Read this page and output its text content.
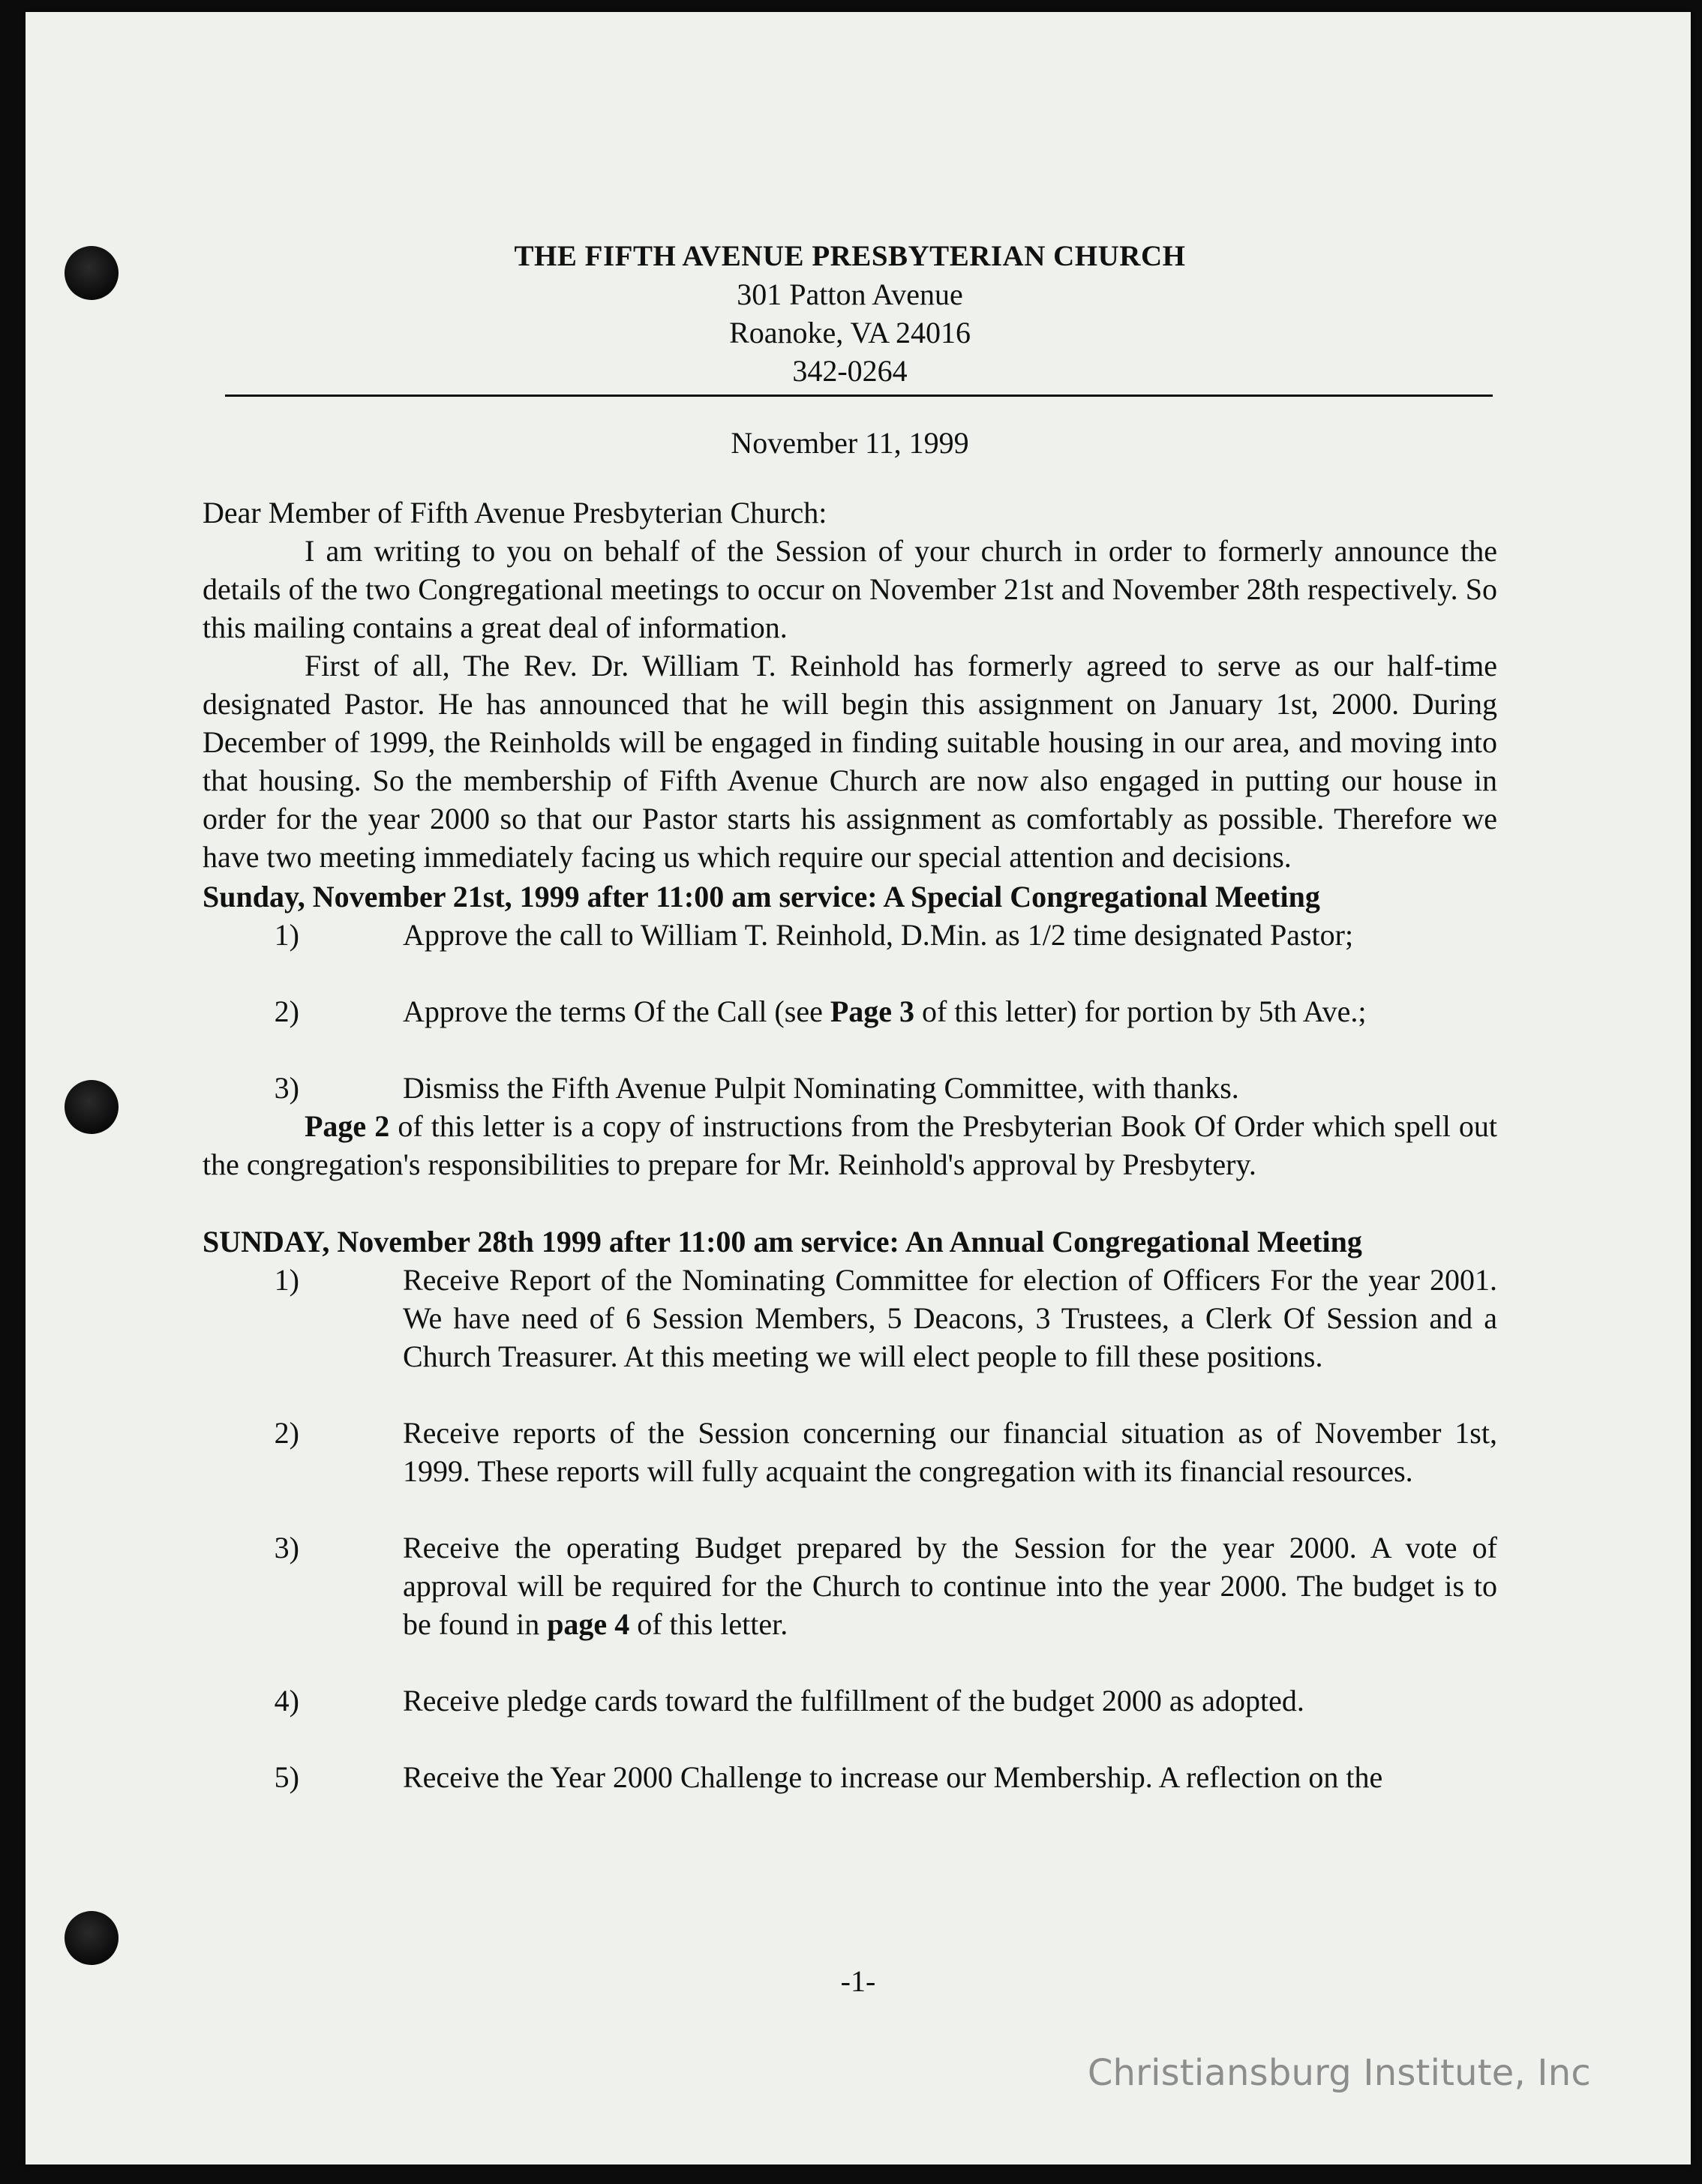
THE FIFTH AVENUE PRESBYTERIAN CHURCH
301 Patton Avenue
Roanoke, VA 24016
342-0264
November 11, 1999
Dear Member of Fifth Avenue Presbyterian Church:

I am writing to you on behalf of the Session of your church in order to formerly announce the details of the two Congregational meetings to occur on November 21st and November 28th respectively. So this mailing contains a great deal of information.

First of all, The Rev. Dr. William T. Reinhold has formerly agreed to serve as our half-time designated Pastor. He has announced that he will begin this assignment on January 1st, 2000. During December of 1999, the Reinholds will be engaged in finding suitable housing in our area, and moving into that housing. So the membership of Fifth Avenue Church are now also engaged in putting our house in order for the year 2000 so that our Pastor starts his assignment as comfortably as possible. Therefore we have two meeting immediately facing us which require our special attention and decisions.

Sunday, November 21st, 1999 after 11:00 am service: A Special Congregational Meeting
1)	Approve the call to William T. Reinhold, D.Min. as 1/2 time designated Pastor;
2)	Approve the terms Of the Call (see Page 3 of this letter) for portion by 5th Ave.;
3)	Dismiss the Fifth Avenue Pulpit Nominating Committee, with thanks.

Page 2 of this letter is a copy of instructions from the Presbyterian Book Of Order which spell out the congregation's responsibilities to prepare for Mr. Reinhold's approval by Presbytery.

SUNDAY, November 28th 1999 after 11:00 am service: An Annual Congregational Meeting
1)	Receive Report of the Nominating Committee for election of Officers For the year 2001. We have need of 6 Session Members, 5 Deacons, 3 Trustees, a Clerk Of Session and a Church Treasurer. At this meeting we will elect people to fill these positions.
2)	Receive reports of the Session concerning our financial situation as of November 1st, 1999. These reports will fully acquaint the congregation with its financial resources.
3)	Receive the operating Budget prepared by the Session for the year 2000. A vote of approval will be required for the Church to continue into the year 2000. The budget is to be found in page 4 of this letter.
4)	Receive pledge cards toward the fulfillment of the budget 2000 as adopted.
5)	Receive the Year 2000 Challenge to increase our Membership. A reflection on the
-1-
Christiansburg Institute, Inc
